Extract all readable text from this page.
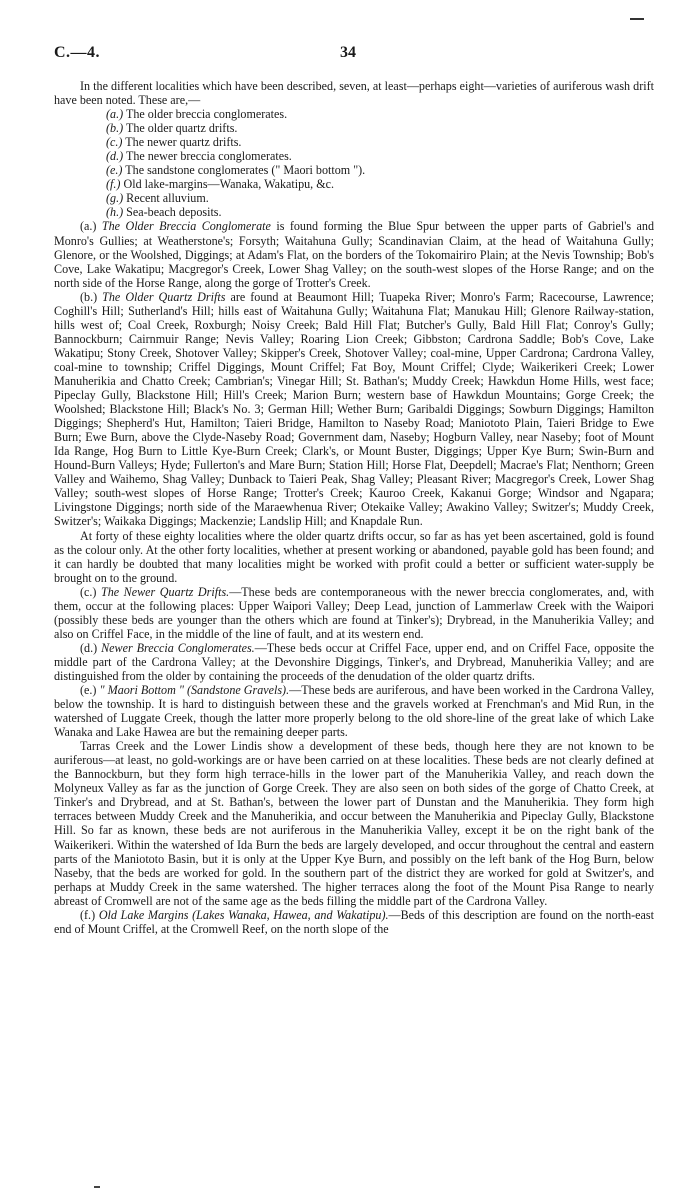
C.—4.	34

In the different localities which have been described, seven, at least—perhaps eight—varieties of auriferous wash drift have been noted. These are,—

(a.) The older breccia conglomerates.
(b.) The older quartz drifts.
(c.) The newer quartz drifts.
(d.) The newer breccia conglomerates.
(e.) The sandstone conglomerates (" Maori bottom ").
(f.) Old lake-margins—Wanaka, Wakatipu, &c.
(g.) Recent alluvium.
(h.) Sea-beach deposits.

(a.) The Older Breccia Conglomerate is found forming the Blue Spur between the upper parts of Gabriel's and Monro's Gullies; at Weatherstone's; Forsyth; Waitahuna Gully; Scandinavian Claim, at the head of Waitahuna Gully; Glenore, or the Woolshed, Diggings; at Adam's Flat, on the borders of the Tokomairiro Plain; at the Nevis Township; Bob's Cove, Lake Wakatipu; Macgregor's Creek, Lower Shag Valley; on the south-west slopes of the Horse Range; and on the north side of the Horse Range, along the gorge of Trotter's Creek.

(b.) The Older Quartz Drifts are found at Beaumont Hill; Tuapeka River; Monro's Farm; Racecourse, Lawrence; Coghill's Hill; Sutherland's Hill; hills east of Waitahuna Gully; Waitahuna Flat; Manukau Hill; Glenore Railway-station, hills west of; Coal Creek, Roxburgh; Noisy Creek; Bald Hill Flat; Butcher's Gully, Bald Hill Flat; Conroy's Gully; Bannockburn; Cairnmuir Range; Nevis Valley; Roaring Lion Creek; Gibbston; Cardrona Saddle; Bob's Cove, Lake Wakatipu; Stony Creek, Shotover Valley; Skipper's Creek, Shotover Valley; coal-mine, Upper Cardrona; Cardrona Valley, coal-mine to township; Criffel Diggings, Mount Criffel; Fat Boy, Mount Criffel; Clyde; Waikerikeri Creek; Lower Manuherikia and Chatto Creek; Cambrian's; Vinegar Hill; St. Bathan's; Muddy Creek; Hawkdun Home Hills, west face; Pipeclay Gully, Blackstone Hill; Hill's Creek; Marion Burn; western base of Hawkdun Mountains; Gorge Creek; the Woolshed; Blackstone Hill; Black's No. 3; German Hill; Wether Burn; Garibaldi Diggings; Sowburn Diggings; Hamilton Diggings; Shepherd's Hut, Hamilton; Taieri Bridge, Hamilton to Naseby Road; Maniototo Plain, Taieri Bridge to Ewe Burn; Ewe Burn, above the Clyde-Naseby Road; Government dam, Naseby; Hogburn Valley, near Naseby; foot of Mount Ida Range, Hog Burn to Little Kye-Burn Creek; Clark's, or Mount Buster, Diggings; Upper Kye Burn; Swin-Burn and Hound-Burn Valleys; Hyde; Fullerton's and Mare Burn; Station Hill; Horse Flat, Deepdell; Macrae's Flat; Nenthorn; Green Valley and Waihemo, Shag Valley; Dunback to Taieri Peak, Shag Valley; Pleasant River; Macgregor's Creek, Lower Shag Valley; south-west slopes of Horse Range; Trotter's Creek; Kauroo Creek, Kakanui Gorge; Windsor and Ngapara; Livingstone Diggings; north side of the Maraewhenua River; Otekaike Valley; Awakino Valley; Switzer's; Muddy Creek, Switzer's; Waikaka Diggings; Mackenzie; Landslip Hill; and Knapdale Run.

At forty of these eighty localities where the older quartz drifts occur, so far as has yet been ascertained, gold is found as the colour only. At the other forty localities, whether at present working or abandoned, payable gold has been found; and it can hardly be doubted that many localities might be worked with profit could a better or sufficient water-supply be brought on to the ground.

(c.) The Newer Quartz Drifts.—These beds are contemporaneous with the newer breccia conglomerates, and, with them, occur at the following places: Upper Waipori Valley; Deep Lead, junction of Lammerlaw Creek with the Waipori (possibly these beds are younger than the others which are found at Tinker's); Drybread, in the Manuherikia Valley; and also on Criffel Face, in the middle of the line of fault, and at its western end.

(d.) Newer Breccia Conglomerates.—These beds occur at Criffel Face, upper end, and on Criffel Face, opposite the middle part of the Cardrona Valley; at the Devonshire Diggings, Tinker's, and Drybread, Manuherikia Valley; and are distinguished from the older by containing the proceeds of the denudation of the older quartz drifts.

(e.) " Maori Bottom " (Sandstone Gravels).—These beds are auriferous, and have been worked in the Cardrona Valley, below the township. It is hard to distinguish between these and the gravels worked at Frenchman's and Mid Run, in the watershed of Luggate Creek, though the latter more properly belong to the old shore-line of the great lake of which Lake Wanaka and Lake Hawea are but the remaining deeper parts.

Tarras Creek and the Lower Lindis show a development of these beds, though here they are not known to be auriferous—at least, no gold-workings are or have been carried on at these localities. These beds are not clearly defined at the Bannockburn, but they form high terrace-hills in the lower part of the Manuherikia Valley, and reach down the Molyneux Valley as far as the junction of Gorge Creek. They are also seen on both sides of the gorge of Chatto Creek, at Tinker's and Drybread, and at St. Bathan's, between the lower part of Dunstan and the Manuherikia. They form high terraces between Muddy Creek and the Manuherikia, and occur between the Manuherikia and Pipeclay Gully, Blackstone Hill. So far as known, these beds are not auriferous in the Manuherikia Valley, except it be on the right bank of the Waikerikeri. Within the watershed of Ida Burn the beds are largely developed, and occur throughout the central and eastern parts of the Maniototo Basin, but it is only at the Upper Kye Burn, and possibly on the left bank of the Hog Burn, below Naseby, that the beds are worked for gold. In the southern part of the district they are worked for gold at Switzer's, and perhaps at Muddy Creek in the same watershed. The higher terraces along the foot of the Mount Pisa Range to nearly abreast of Cromwell are not of the same age as the beds filling the middle part of the Cardrona Valley.

(f.) Old Lake Margins (Lakes Wanaka, Hawea, and Wakatipu).—Beds of this description are found on the north-east end of Mount Criffel, at the Cromwell Reef, on the north slope of the
